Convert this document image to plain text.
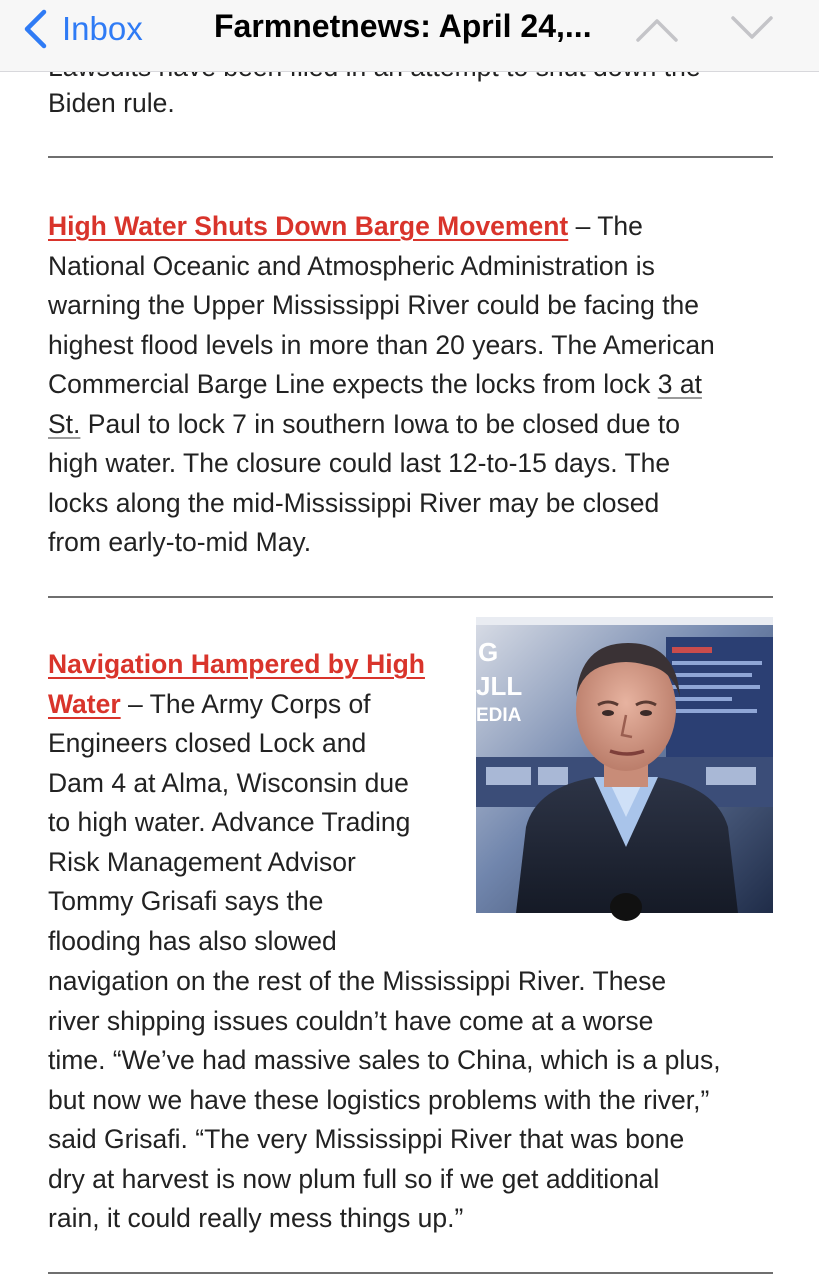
Inbox Farmnetnews: April 24,...
Biden rule.
High Water Shuts Down Barge Movement – The
National Oceanic and Atmospheric Administration is
warning the Upper Mississippi River could be facing the
highest flood levels in more than 20 years. The American
Commercial Barge Line expects the locks from lock 3 at
St. Paul to lock 7 in southern Iowa to be closed due to
high water. The closure could last 12-to-15 days. The
locks along the mid-Mississippi River may be closed
from early-to-mid May.
G
JLL
EDIA
Navigation Hampered by High
Water – The Army Corps of
Engineers closed Lock and
Dam 4 at Alma, Wisconsin due
to high water. Advance Trading
Risk Management Advisor
Tommy Grisafi says the
flooding has also slowed
navigation on the rest of the Mississippi River. These
river shipping issues couldn’t have come at a worse
time. “We’ve had massive sales to China, which is a plus,
but now we have these logistics problems with the river,”
said Grisafi. “The very Mississippi River that was bone
dry at harvest is now plum full so if we get additional
rain, it could really mess things up.”
